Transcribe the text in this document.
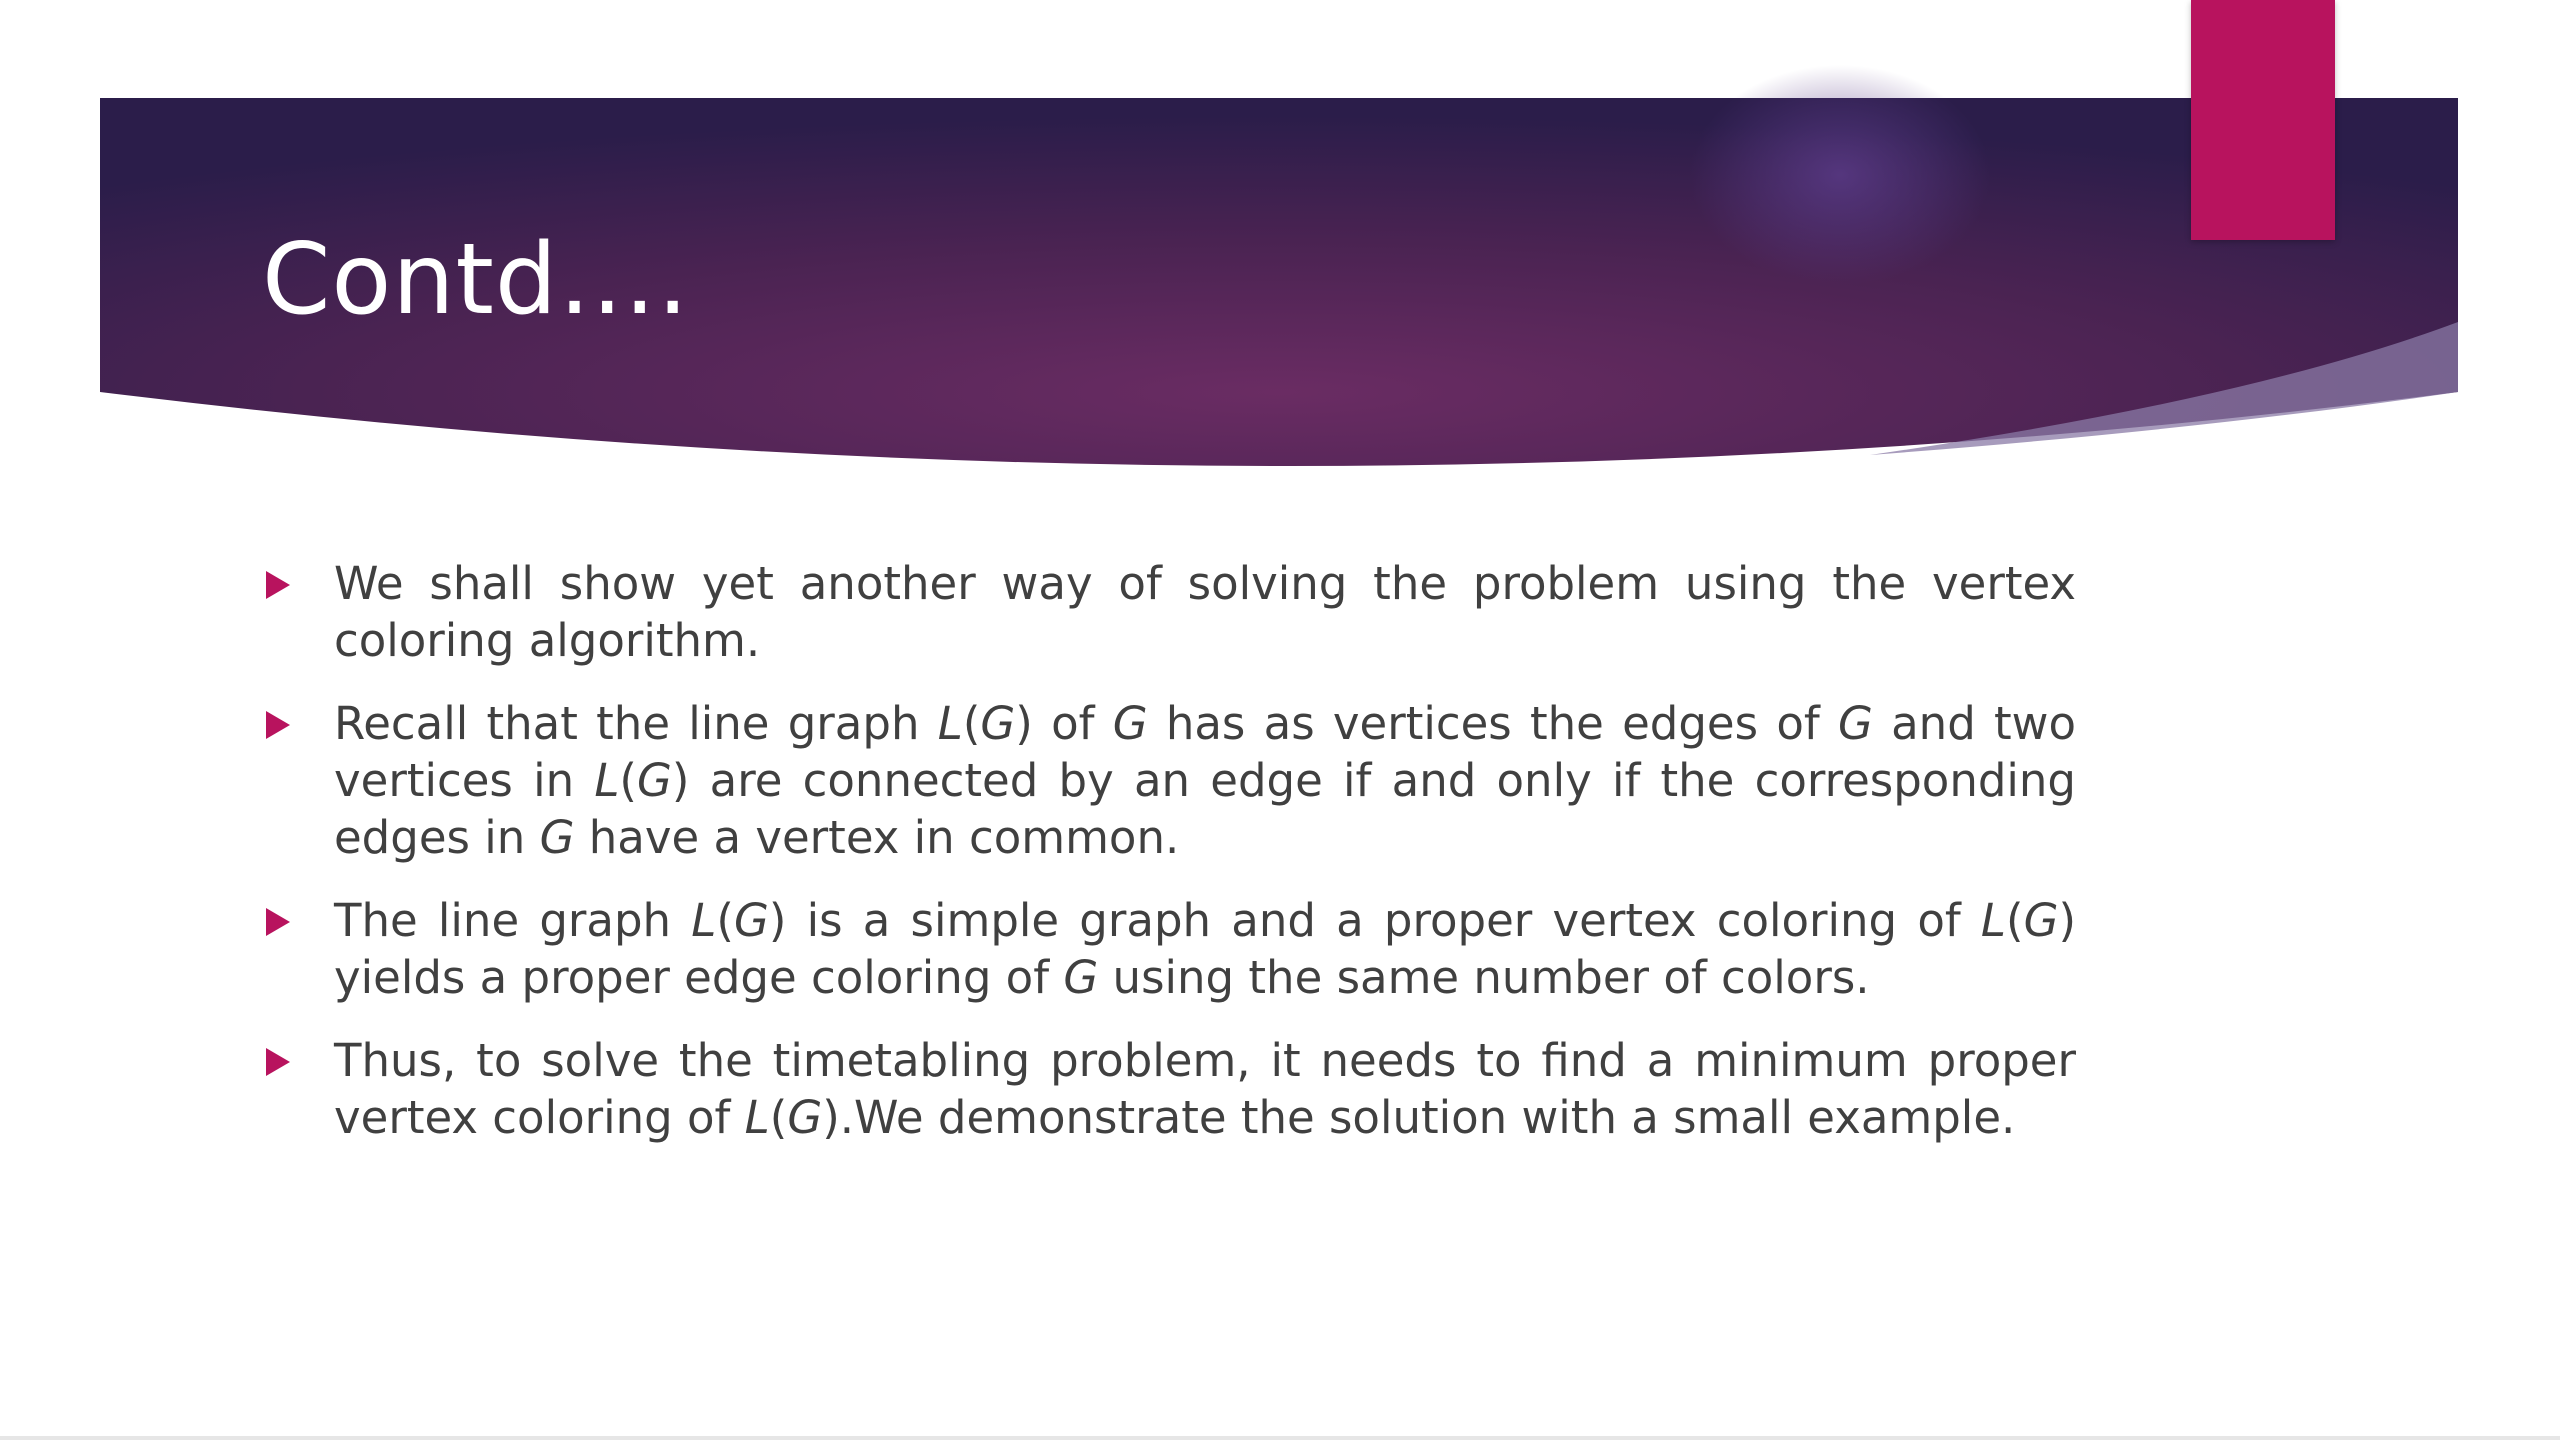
Contd….
We shall show yet another way of solving the problem using the vertex coloring algorithm.
Recall that the line graph L(G) of G has as vertices the edges of G and two vertices in L(G) are connected by an edge if and only if the corresponding edges in G have a vertex in common.
The line graph L(G) is a simple graph and a proper vertex coloring of L(G) yields a proper edge coloring of G using the same number of colors.
Thus, to solve the timetabling problem, it needs to find a minimum proper vertex coloring of L(G).We demonstrate the solution with a small example.
